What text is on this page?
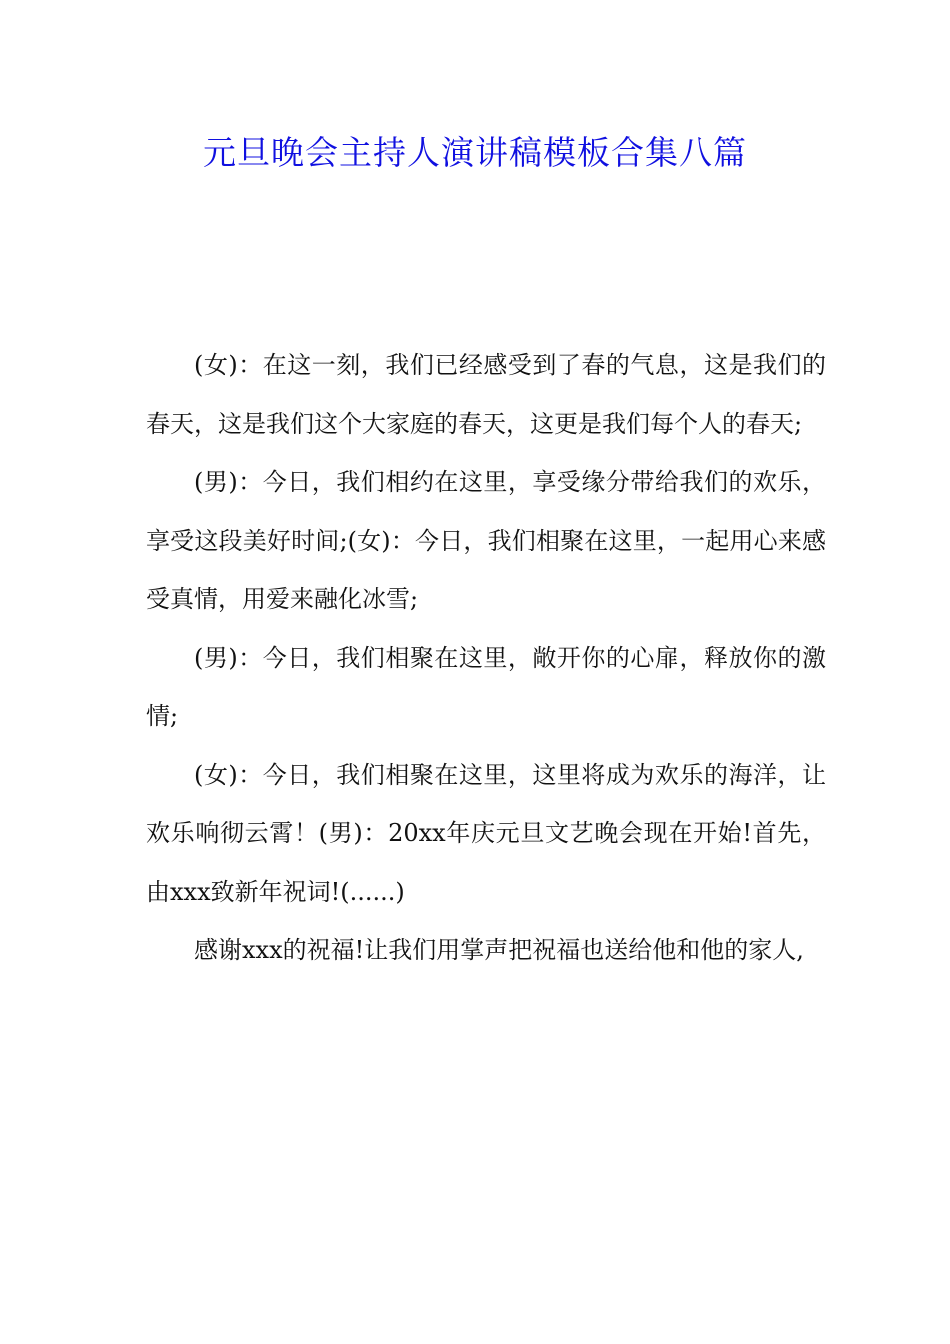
元旦晚会主持人演讲稿模板合集八篇

(女)：在这一刻，我们已经感受到了春的气息，这是我们的春天，这是我们这个大家庭的春天，这更是我们每个人的春天;

(男)：今日，我们相约在这里，享受缘分带给我们的欢乐，享受这段美好时间;(女)：今日，我们相聚在这里，一起用心来感受真情，用爱来融化冰雪;

(男)：今日，我们相聚在这里，敞开你的心扉，释放你的激情;

(女)：今日，我们相聚在这里，这里将成为欢乐的海洋，让欢乐响彻云霄！(男)：20xx年庆元旦文艺晚会现在开始!首先，由xxx致新年祝词!(......)

感谢xxx的祝福!让我们用掌声把祝福也送给他和他的家人,
